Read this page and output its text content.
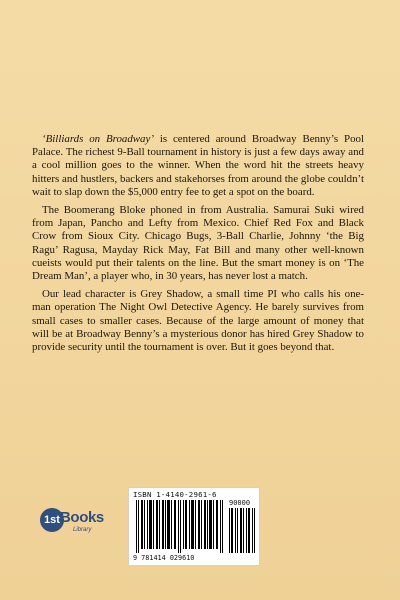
‘Billiards on Broadway’ is centered around Broadway Benny’s Pool Palace. The richest 9-Ball tournament in history is just a few days away and a cool million goes to the winner. When the word hit the streets heavy hitters and hustlers, backers and stakehorses from around the globe couldn’t wait to slap down the $5,000 entry fee to get a spot on the board.

The Boomerang Bloke phoned in from Australia. Samurai Suki wired from Japan, Pancho and Lefty from Mexico. Chief Red Fox and Black Crow from Sioux City. Chicago Bugs, 3-Ball Charlie, Johnny ‘the Big Ragu’ Ragusa, Mayday Rick May, Fat Bill and many other well-known cueists would put their talents on the line. But the smart money is on ‘The Dream Man’, a player who, in 30 years, has never lost a match.

Our lead character is Grey Shadow, a small time PI who calls his one-man operation The Night Owl Detective Agency. He barely survives from small cases to smaller cases. Because of the large amount of money that will be at Broadway Benny’s a mysterious donor has hired Grey Shadow to provide security until the tournament is over. But it goes beyond that.

1st Books
Library
ISBN 1-4140-2961-6
90000
9 781414 029610
